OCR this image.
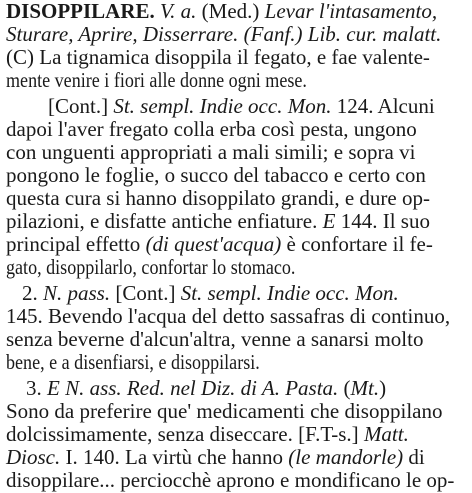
DISOPPILARE. V. a. (Med.) Levar l'intasamento,
Sturare, Aprire, Disserrare. (Fanf.) Lib. cur. malatt.
(C) La tignamica disoppila il fegato, e fae valente-
mente venire i fiori alle donne ogni mese.
[Cont.] St. sempl. Indie occ. Mon. 124. Alcuni
dapoi l'aver fregato colla erba così pesta, ungono
con unguenti appropriati a mali simili; e sopra vi
pongono le foglie, o succo del tabacco e certo con
questa cura si hanno disoppilato grandi, e dure op-
pilazioni, e disfatte antiche enfiature. E 144. Il suo
principal effetto (di quest'acqua) è confortare il fe-
gato, disoppilarlo, confortar lo stomaco.
2. N. pass. [Cont.] St. sempl. Indie occ. Mon.
145. Bevendo l'acqua del detto sassafras di continuo,
senza beverne d'alcun'altra, venne a sanarsi molto
bene, e a disenfiarsi, e disoppilarsi.
3. E N. ass. Red. nel Diz. di A. Pasta. (Mt.)
Sono da preferire que' medicamenti che disoppilano
dolcissimamente, senza diseccare. [F.T-s.] Matt.
Diosc. I. 140. La virtù che hanno (le mandorle) di
disoppilare... perciocchè aprono e mondificano le op-
